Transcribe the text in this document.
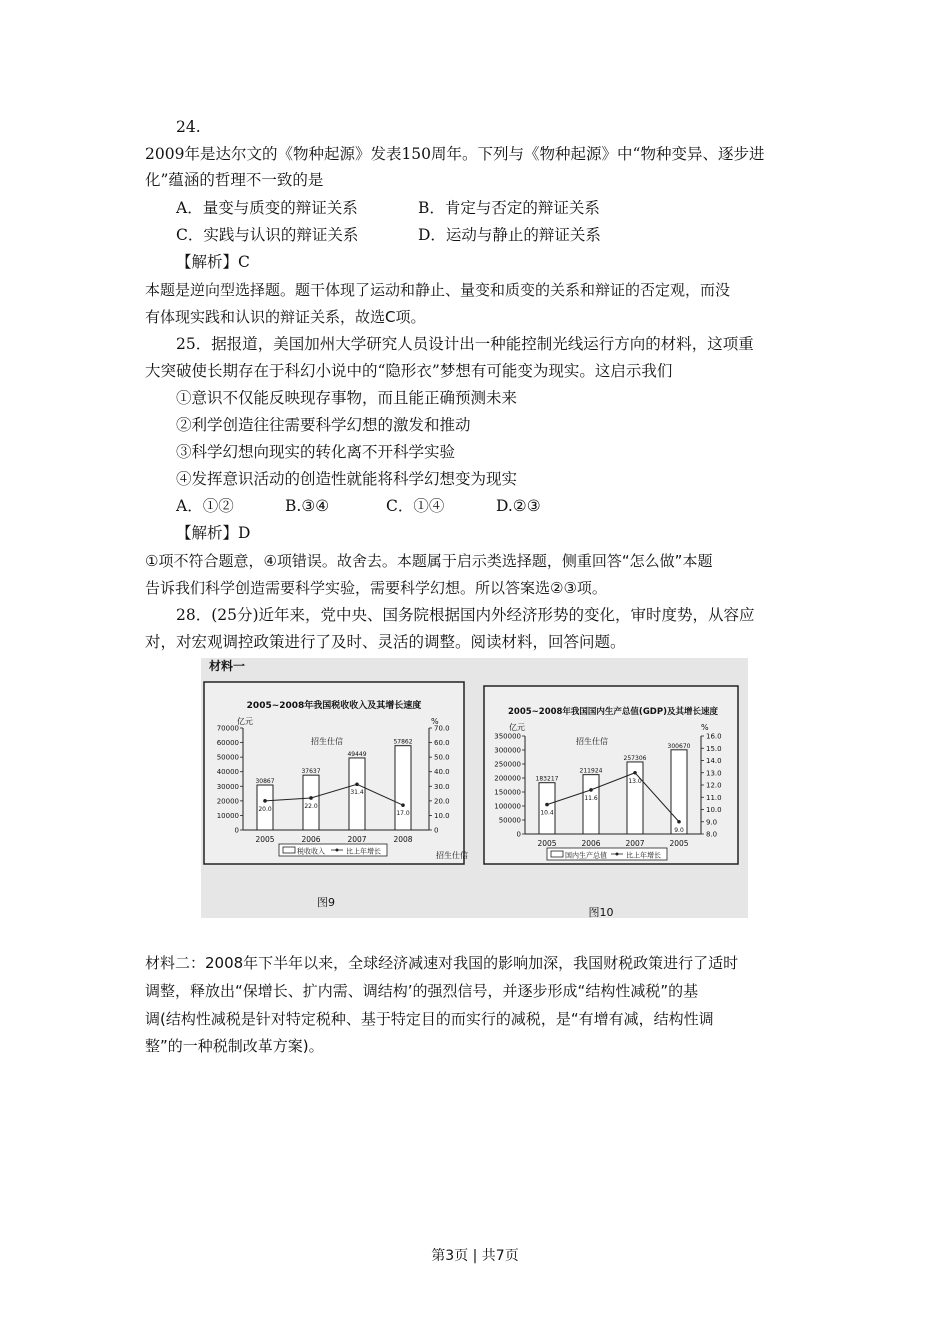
24.
2009年是达尔文的《物种起源》发表150周年。下列与《物种起源》中“物种变异、逐步进
化”蕴涵的哲理不一致的是
A．量变与质变的辩证关系	B．肯定与否定的辩证关系
C．实践与认识的辩证关系	D．运动与静止的辩证关系
【解析】C
本题是逆向型选择题。题干体现了运动和静止、量变和质变的关系和辩证的否定观，而没
有体现实践和认识的辩证关系，故选C项。
25．据报道，美国加州大学研究人员设计出一种能控制光线运行方向的材料，这项重
大突破使长期存在于科幻小说中的“隐形衣”梦想有可能变为现实。这启示我们
①意识不仅能反映现存事物，而且能正确预测未来
②利学创造往往需要科学幻想的激发和推动
③科学幻想向现实的转化离不开科学实验
④发挥意识活动的创造性就能将科学幻想变为现实
A．①②	B.③④	C．①④	D.②③
【解析】D
①项不符合题意，④项错误。故舍去。本题属于启示类选择题，侧重回答“怎么做”本题
告诉我们科学创造需要科学实验，需要科学幻想。所以答案选②③项。
28．(25分)近年来，党中央、国务院根据国内外经济形势的变化，审时度势，从容应
对，对宏观调控政策进行了及时、灵活的调整。阅读材料，回答问题。
材料一
2005~2008年我国税收收入及其增长速度
亿元	%
招生仕信
招生仕信
税收收入	比上年增长
图9
0
10000
20000
30000
40000
50000
60000
70000
0
10.0
20.0
30.0
40.0
50.0
60.0
70.0
30867
2005
37637
2006
49449
2007
57862
2008
20.0	22.0
31.4
17.0
2005~2008年我国国内生产总值(GDP)及其增长速度
亿元	%
招生仕信
国内生产总值	比上年增长
图10
0
50000
100000
150000
200000
250000
300000
350000
8.0
9.0
10.0
11.0
12.0
13.0
14.0
15.0
16.0
183217
2005
211924
2006
257306
2007
300670
2005
10.4
11.6
13.0
9.0
材料二：2008年下半年以来，全球经济减速对我国的影响加深，我国财税政策进行了适时
调整，释放出“保增长、扩内需、调结构’的强烈信号，并逐步形成“结构性减税”的基
调(结构性减税是针对特定税种、基于特定目的而实行的减税，是“有增有减，结构性调
整”的一种税制改革方案)。
第3页 | 共7页
